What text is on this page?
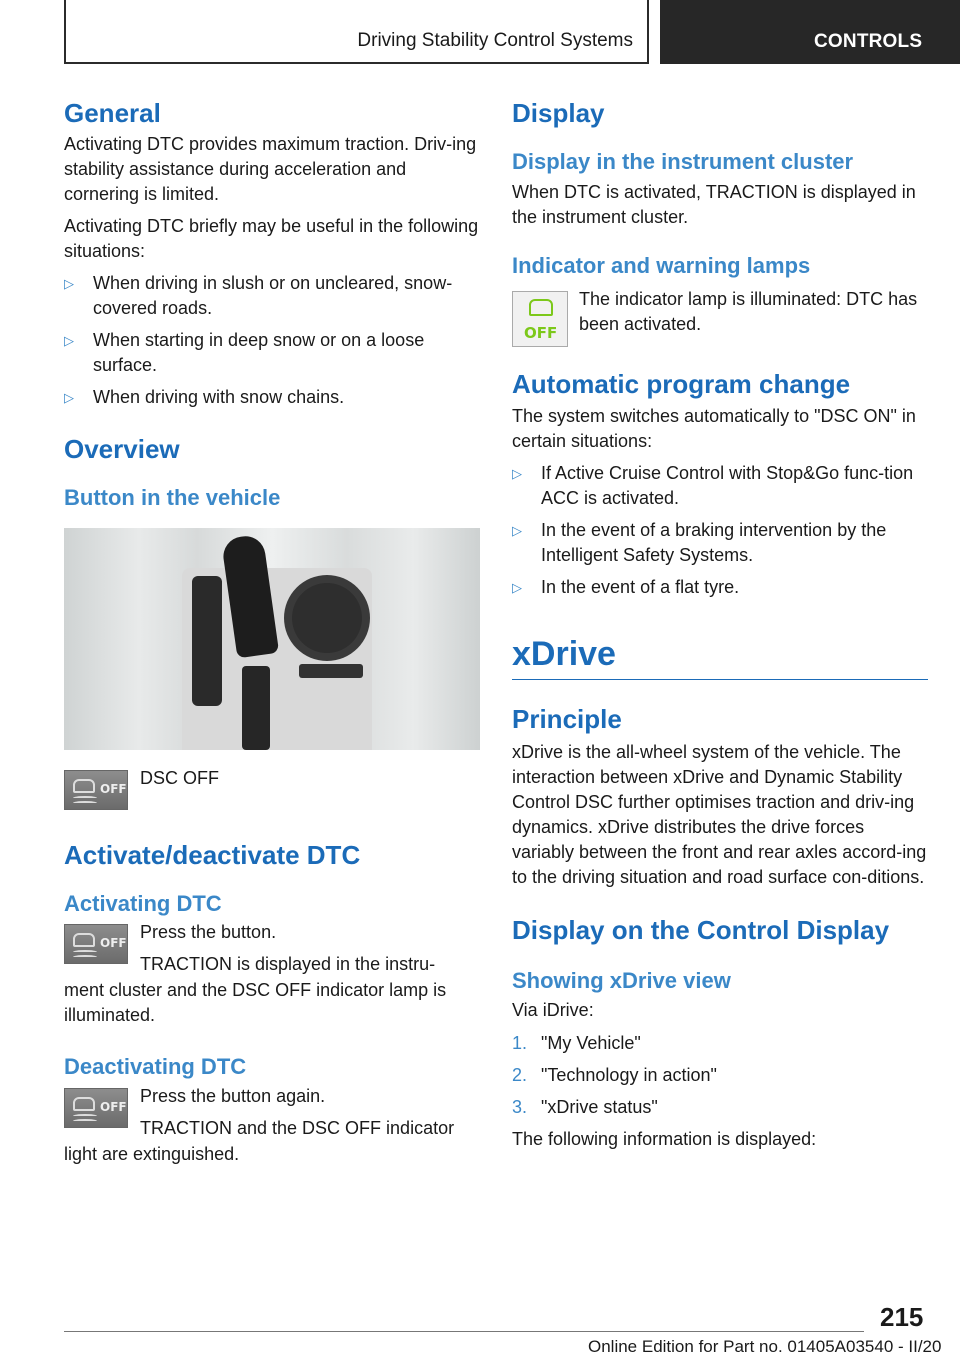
Driving Stability Control Systems	CONTROLS
General

Activating DTC provides maximum traction. Driv-ing stability assistance during acceleration and cornering is limited.

Activating DTC briefly may be useful in the following situations:

▷ When driving in slush or on uncleared, snow-covered roads.
▷ When starting in deep snow or on a loose surface.
▷ When driving with snow chains.
Overview
Button in the vehicle
OFF
DSC OFF
Activate/deactivate DTC
Activating DTC
OFF

Press the button.

TRACTION is displayed in the instru-

ment cluster and the DSC OFF indicator lamp is illuminated.

Deactivating DTC
OFF

Press the button again.

TRACTION and the DSC OFF indicator

light are extinguished.

Display
Display in the instrument cluster

When DTC is activated, TRACTION is displayed in the instrument cluster.

Indicator and warning lamps
OFF

The indicator lamp is illuminated: DTC has been activated.

Automatic program change

The system switches automatically to "DSC ON" in certain situations:

▷ If Active Cruise Control with Stop&Go func-tion ACC is activated.
▷ In the event of a braking intervention by the Intelligent Safety Systems.
▷ In the event of a flat tyre.
xDrive
Principle

xDrive is the all-wheel system of the vehicle. The interaction between xDrive and Dynamic Stability Control DSC further optimises traction and driv-ing dynamics. xDrive distributes the drive forces variably between the front and rear axles accord-ing to the driving situation and road surface con-ditions.

Display on the Control Display
Showing xDrive view

Via iDrive:

1. "My Vehicle"
2. "Technology in action"
3. "xDrive status"

The following information is displayed:

215
Online Edition for Part no. 01405A03540 - II/20
